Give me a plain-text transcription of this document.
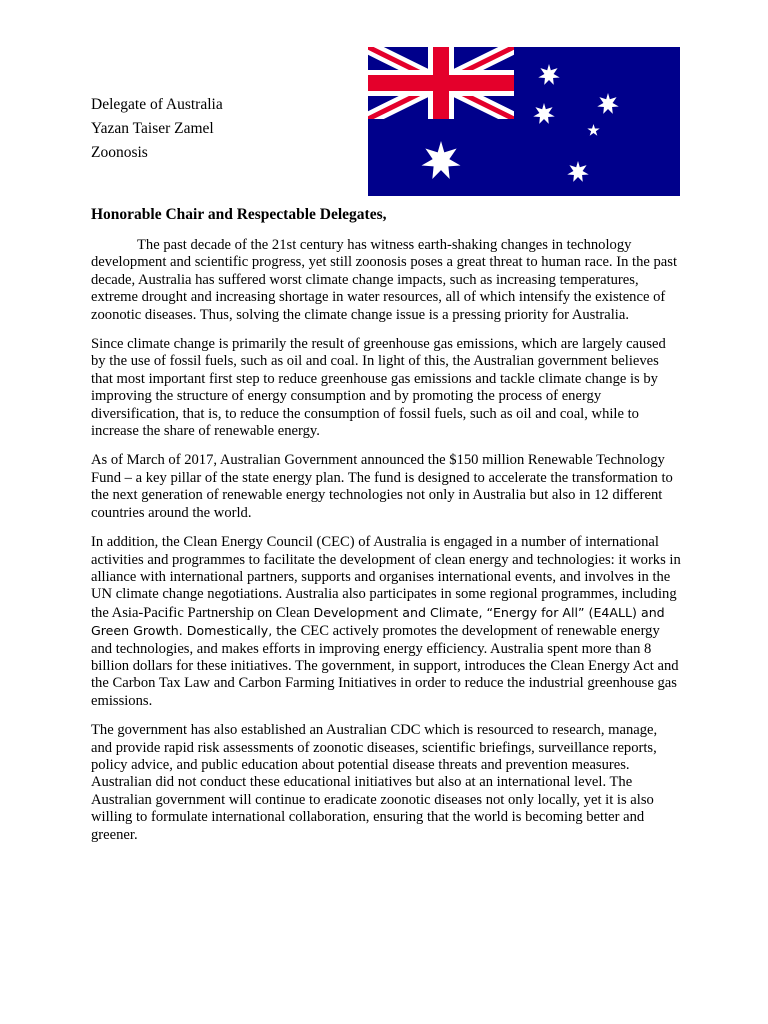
Delegate of Australia
Yazan Taiser Zamel
Zoonosis
Honorable Chair and Respectable Delegates,

The past decade of the 21st century has witness earth-shaking changes in technology development and scientific progress, yet still zoonosis poses a great threat to human race. In the past decade, Australia has suffered worst climate change impacts, such as increasing temperatures, extreme drought and increasing shortage in water resources, all of which intensify the existence of zoonotic diseases. Thus, solving the climate change issue is a pressing priority for Australia.

Since climate change is primarily the result of greenhouse gas emissions, which are largely caused by the use of fossil fuels, such as oil and coal. In light of this, the Australian government believes that most important first step to reduce greenhouse gas emissions and tackle climate change is by improving the structure of energy consumption and by promoting the process of energy diversification, that is, to reduce the consumption of fossil fuels, such as oil and coal, while to increase the share of renewable energy.

As of March of 2017, Australian Government announced the $150 million Renewable Technology Fund – a key pillar of the state energy plan. The fund is designed to accelerate the transformation to the next generation of renewable energy technologies not only in Australia but also in 12 different countries around the world.

In addition, the Clean Energy Council (CEC) of Australia is engaged in a number of international activities and programmes to facilitate the development of clean energy and technologies: it works in alliance with international partners, supports and organises international events, and involves in the UN climate change negotiations. Australia also participates in some regional programmes, including the Asia-Pacific Partnership on Clean Development and Climate, “Energy for All” (E4ALL) and Green Growth. Domestically, the CEC actively promotes the development of renewable energy and technologies, and makes efforts in improving energy efficiency. Australia spent more than 8 billion dollars for these initiatives. The government, in support, introduces the Clean Energy Act and the Carbon Tax Law and Carbon Farming Initiatives in order to reduce the industrial greenhouse gas emissions.

The government has also established an Australian CDC which is resourced to research, manage, and provide rapid risk assessments of zoonotic diseases, scientific briefings, surveillance reports, policy advice, and public education about potential disease threats and prevention measures. Australian did not conduct these educational initiatives but also at an international level. The Australian government will continue to eradicate zoonotic diseases not only locally, yet it is also willing to formulate international collaboration, ensuring that the world is becoming better and greener.
